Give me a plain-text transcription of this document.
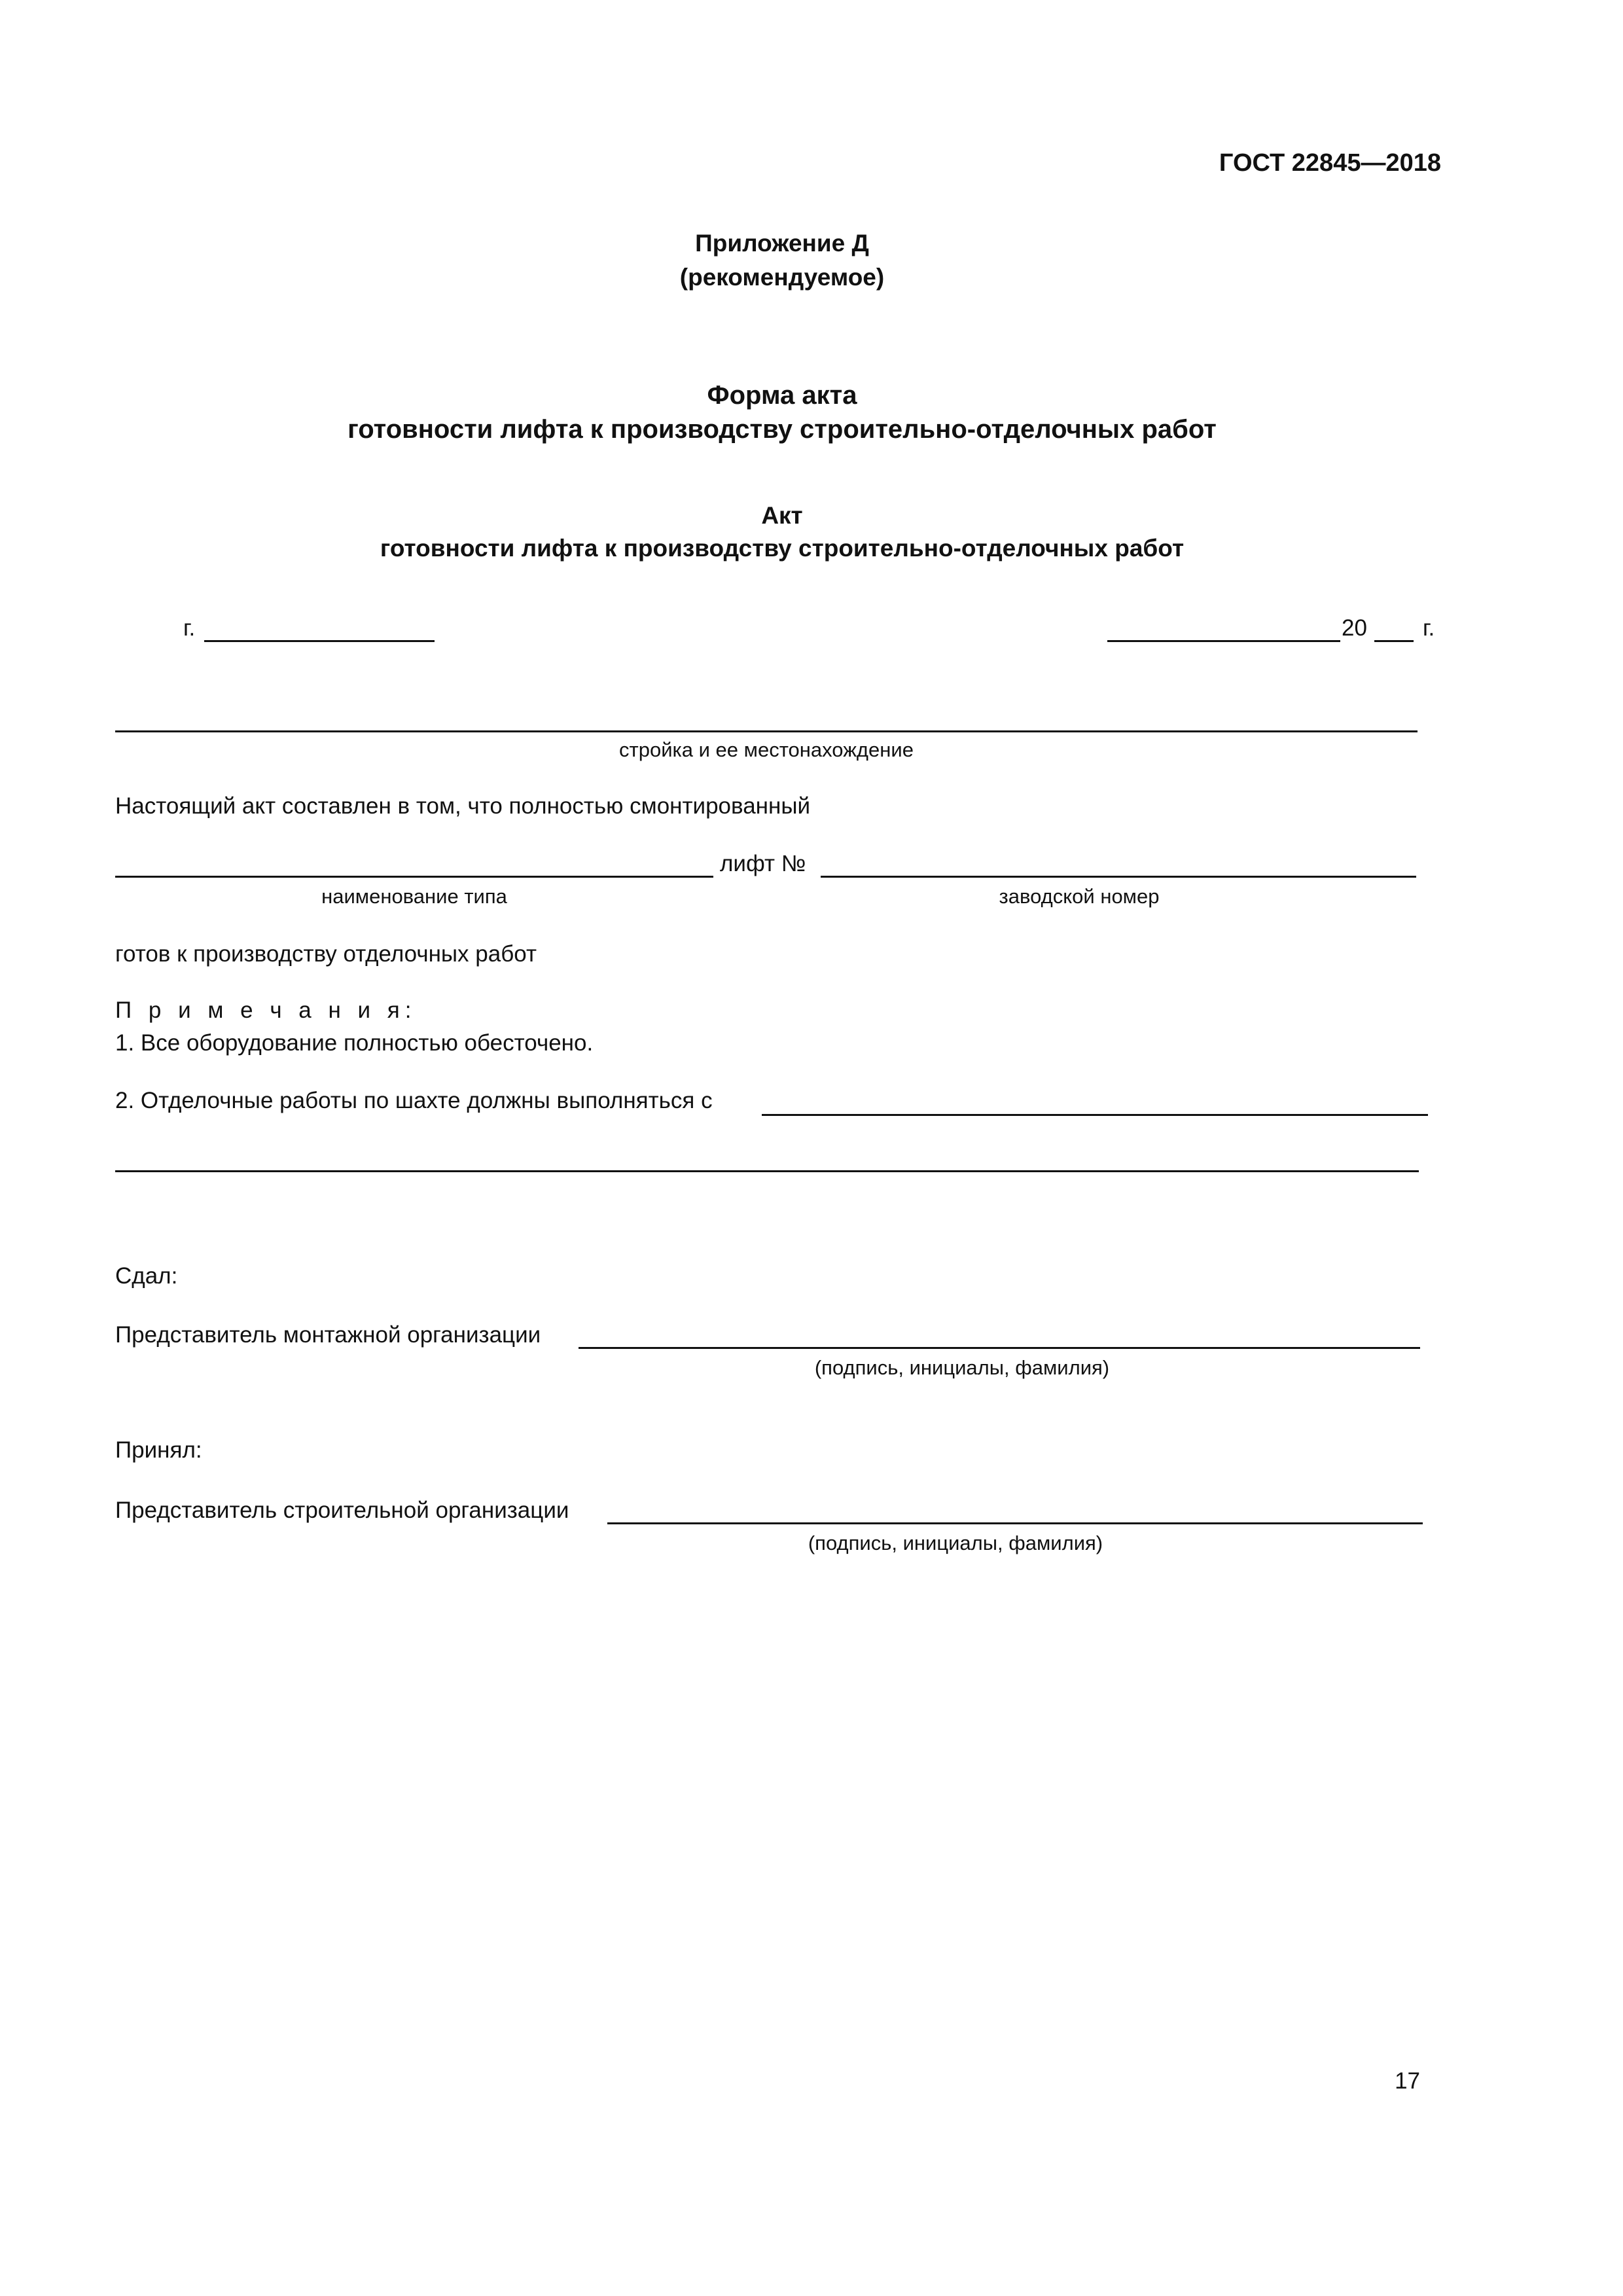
ГОСТ 22845—2018
Приложение Д
(рекомендуемое)
Форма акта
готовности лифта к производству строительно-отделочных работ
Акт
готовности лифта к производству строительно-отделочных работ
г.	20 г.
стройка и ее местонахождение
Настоящий акт составлен в том, что полностью смонтированный
лифт №
наименование типа	заводской номер
готов к производству отделочных работ
П р и м е ч а н и я:
1. Все оборудование полностью обесточено.
2. Отделочные работы по шахте должны выполняться с
Сдал:
Представитель монтажной организации
(подпись, инициалы, фамилия)
Принял:
Представитель строительной организации
(подпись, инициалы, фамилия)
17
